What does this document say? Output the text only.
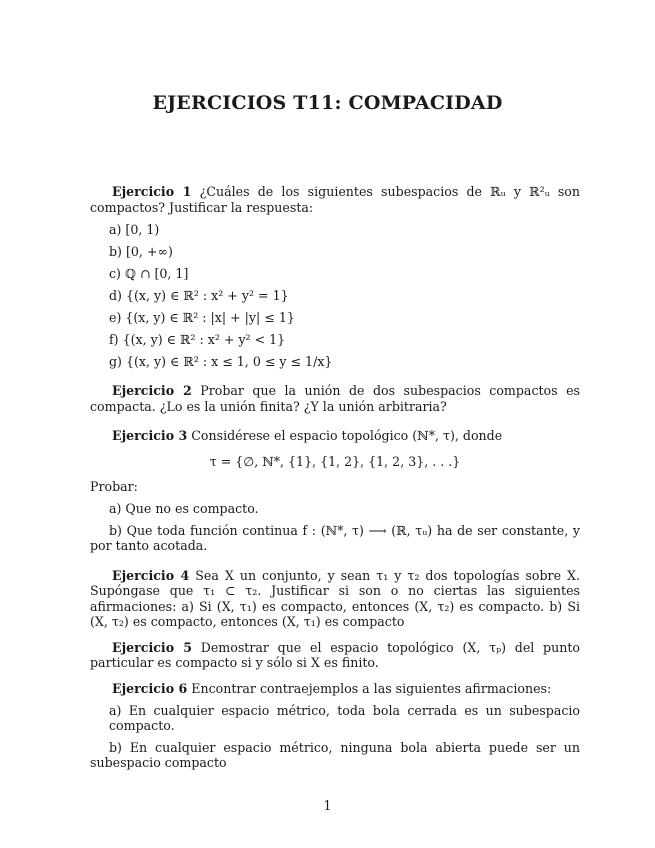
EJERCICIOS T11: COMPACIDAD

Ejercicio 1 ¿Cuáles de los siguientes subespacios de ℝᵤ y ℝ²ᵤ son compactos? Justificar la respuesta:

a) [0, 1)

b) [0, +∞)

c) ℚ ∩ [0, 1]

d) {(x, y) ∈ ℝ² : x² + y² = 1}

e) {(x, y) ∈ ℝ² : |x| + |y| ≤ 1}

f) {(x, y) ∈ ℝ² : x² + y² < 1}

g) {(x, y) ∈ ℝ² : x ≤ 1, 0 ≤ y ≤ 1/x}

Ejercicio 2 Probar que la unión de dos subespacios compactos es compacta. ¿Lo es la unión finita? ¿Y la unión arbitraria?

Ejercicio 3 Considérese el espacio topológico (ℕ*, τ), donde

τ = {∅, ℕ*, {1}, {1, 2}, {1, 2, 3}, . . .}

Probar:

a) Que no es compacto.

b) Que toda función continua f : (ℕ*, τ) ⟶ (ℝ, τᵤ) ha de ser constante, y por tanto acotada.

Ejercicio 4 Sea X un conjunto, y sean τ₁ y τ₂ dos topologías sobre X. Supóngase que τ₁ ⊂ τ₂. Justificar si son o no ciertas las siguientes afirmaciones: a) Si (X, τ₁) es compacto, entonces (X, τ₂) es compacto. b) Si (X, τ₂) es compacto, entonces (X, τ₁) es compacto

Ejercicio 5 Demostrar que el espacio topológico (X, τₚ) del punto particular es compacto si y sólo si X es finito.

Ejercicio 6 Encontrar contraejemplos a las siguientes afirmaciones:

a) En cualquier espacio métrico, toda bola cerrada es un subespacio compacto.

b) En cualquier espacio métrico, ninguna bola abierta puede ser un subespacio compacto

1
